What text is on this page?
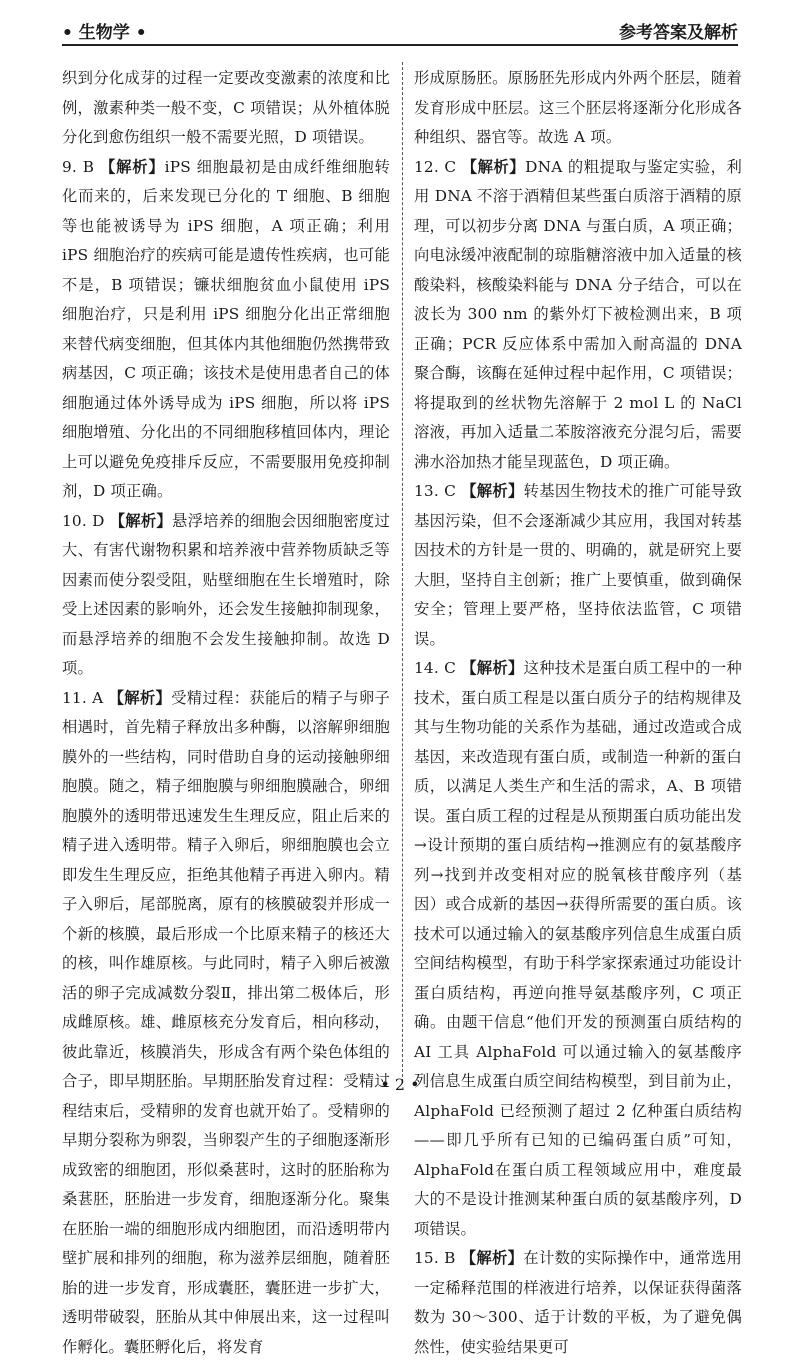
• 生物学 •	参考答案及解析

织到分化成芽的过程一定要改变激素的浓度和比例，激素种类一般不变，C 项错误；从外植体脱分化到愈伤组织一般不需要光照，D 项错误。

9. B 【解析】iPS 细胞最初是由成纤维细胞转化而来的，后来发现已分化的 T 细胞、B 细胞等也能被诱导为 iPS 细胞，A 项正确；利用 iPS 细胞治疗的疾病可能是遗传性疾病，也可能不是，B 项错误；镰状细胞贫血小鼠使用 iPS 细胞治疗，只是利用 iPS 细胞分化出正常细胞来替代病变细胞，但其体内其他细胞仍然携带致病基因，C 项正确；该技术是使用患者自己的体细胞通过体外诱导成为 iPS 细胞，所以将 iPS 细胞增殖、分化出的不同细胞移植回体内，理论上可以避免免疫排斥反应，不需要服用免疫抑制剂，D 项正确。

10. D 【解析】悬浮培养的细胞会因细胞密度过大、有害代谢物积累和培养液中营养物质缺乏等因素而使分裂受阻，贴壁细胞在生长增殖时，除受上述因素的影响外，还会发生接触抑制现象，而悬浮培养的细胞不会发生接触抑制。故选 D 项。

11. A 【解析】受精过程：获能后的精子与卵子相遇时，首先精子释放出多种酶，以溶解卵细胞膜外的一些结构，同时借助自身的运动接触卵细胞膜。随之，精子细胞膜与卵细胞膜融合，卵细胞膜外的透明带迅速发生生理反应，阻止后来的精子进入透明带。精子入卵后，卵细胞膜也会立即发生生理反应，拒绝其他精子再进入卵内。精子入卵后，尾部脱离，原有的核膜破裂并形成一个新的核膜，最后形成一个比原来精子的核还大的核，叫作雄原核。与此同时，精子入卵后被激活的卵子完成减数分裂Ⅱ，排出第二极体后，形成雌原核。雄、雌原核充分发育后，相向移动，彼此靠近，核膜消失，形成含有两个染色体组的合子，即早期胚胎。早期胚胎发育过程：受精过程结束后，受精卵的发育也就开始了。受精卵的早期分裂称为卵裂，当卵裂产生的子细胞逐渐形成致密的细胞团，形似桑葚时，这时的胚胎称为桑葚胚，胚胎进一步发育，细胞逐渐分化。聚集在胚胎一端的细胞形成内细胞团，而沿透明带内壁扩展和排列的细胞，称为滋养层细胞，随着胚胎的进一步发育，形成囊胚，囊胚进一步扩大，透明带破裂，胚胎从其中伸展出来，这一过程叫作孵化。囊胚孵化后，将发育

形成原肠胚。原肠胚先形成内外两个胚层，随着发育形成中胚层。这三个胚层将逐渐分化形成各种组织、器官等。故选 A 项。

12. C 【解析】DNA 的粗提取与鉴定实验，利用 DNA 不溶于酒精但某些蛋白质溶于酒精的原理，可以初步分离 DNA 与蛋白质，A 项正确；向电泳缓冲液配制的琼脂糖溶液中加入适量的核酸染料，核酸染料能与 DNA 分子结合，可以在波长为 300 nm 的紫外灯下被检测出来，B 项正确；PCR 反应体系中需加入耐高温的 DNA 聚合酶，该酶在延伸过程中起作用，C 项错误；将提取到的丝状物先溶解于 2 mol L 的 NaCl 溶液，再加入适量二苯胺溶液充分混匀后，需要沸水浴加热才能呈现蓝色，D 项正确。

13. C 【解析】转基因生物技术的推广可能导致基因污染，但不会逐渐减少其应用，我国对转基因技术的方针是一贯的、明确的，就是研究上要大胆，坚持自主创新；推广上要慎重，做到确保安全；管理上要严格，坚持依法监管，C 项错误。

14. C 【解析】这种技术是蛋白质工程中的一种技术，蛋白质工程是以蛋白质分子的结构规律及其与生物功能的关系作为基础，通过改造或合成基因，来改造现有蛋白质，或制造一种新的蛋白质，以满足人类生产和生活的需求，A、B 项错误。蛋白质工程的过程是从预期蛋白质功能出发→设计预期的蛋白质结构→推测应有的氨基酸序列→找到并改变相对应的脱氧核苷酸序列（基因）或合成新的基因→获得所需要的蛋白质。该技术可以通过输入的氨基酸序列信息生成蛋白质空间结构模型，有助于科学家探索通过功能设计蛋白质结构，再逆向推导氨基酸序列，C 项正确。由题干信息“他们开发的预测蛋白质结构的 AI 工具 AlphaFold 可以通过输入的氨基酸序列信息生成蛋白质空间结构模型，到目前为止，AlphaFold 已经预测了超过 2 亿种蛋白质结构——即几乎所有已知的已编码蛋白质”可知，AlphaFold在蛋白质工程领域应用中，难度最大的不是设计推测某种蛋白质的氨基酸序列，D 项错误。

15. B 【解析】在计数的实际操作中，通常选用一定稀释范围的样液进行培养，以保证获得菌落数为 30～300、适于计数的平板，为了避免偶然性，使实验结果更可

• 2 •
